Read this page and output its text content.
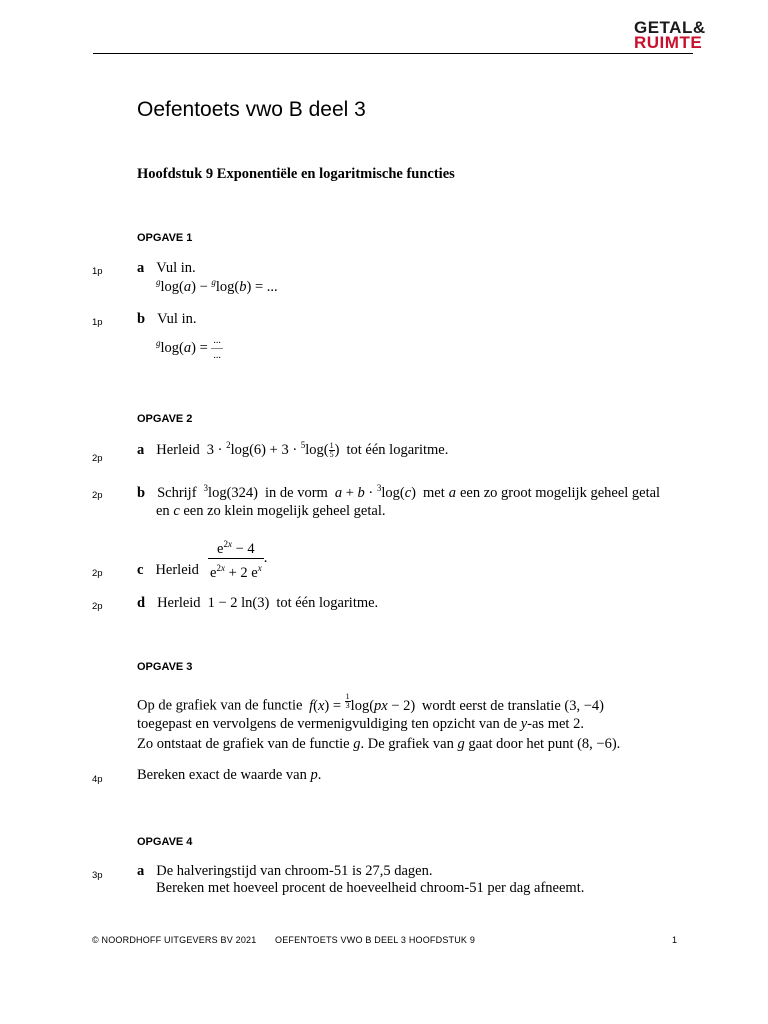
GETAL&
RUIMTE
Oefentoets vwo B deel 3
Hoofdstuk 9 Exponentiële en logaritmische functies
OPGAVE 1
1p a Vul in.
$^g$log(a) − $^g$log(b) = ...
1p b Vul in.
$^g\log(a) = \frac{...}{...}$
OPGAVE 2
2p
a Herleid $3 \cdot ^2\log(6) + 3 \cdot ^5\log( \frac{1}{5}$ ) tot één logaritme.
2p b Schrijf $^3$log(324) in de vorm a + b · $^3$log(c) met a een zo groot mogelijk geheel getal
en c een zo klein mogelijk geheel getal.
2p c Herleid $\frac{e^{2x} - 4}{e^{2x} + 2 e^x}$ .
2p d Herleid 1 − 2 ln(3) tot één logaritme.
OPGAVE 3
Op de grafiek van de functie f(x) = $^{\frac{1}{3}}$ log(px − 2) wordt eerst de translatie (3, −4)
toegepast en vervolgens de vermenigvuldiging ten opzicht van de y-as met 2.
Zo ontstaat de grafiek van de functie g. De grafiek van g gaat door het punt (8, −6).
4p Bereken exact de waarde van p.
OPGAVE 4
3p a De halveringstijd van chroom-51 is 27,5 dagen.
Bereken met hoeveel procent de hoeveelheid chroom-51 per dag afneemt.
© NOORDHOFF UITGEVERS BV 2021 OEFENTOETS VWO B DEEL 3 HOOFDSTUK 9	1
